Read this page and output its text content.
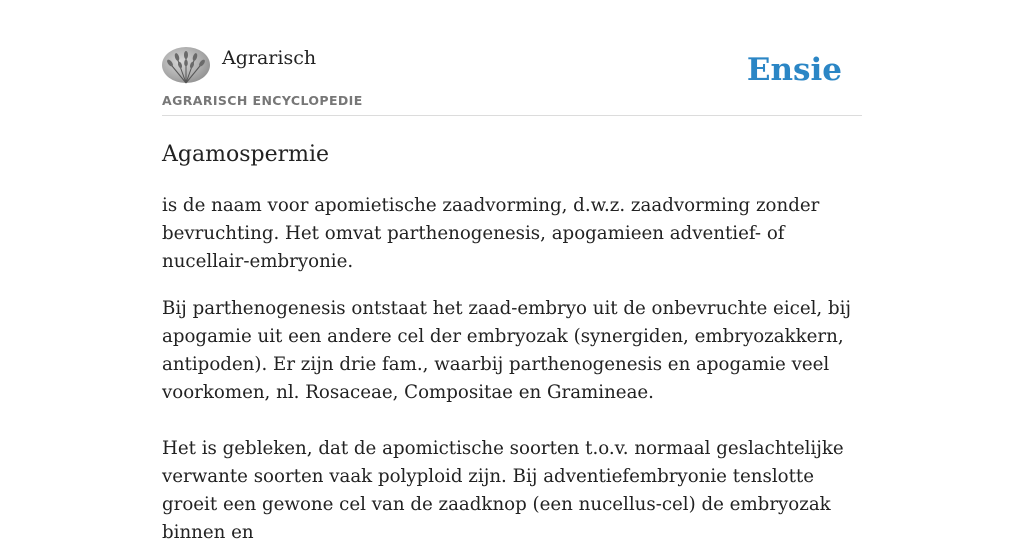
Agrarisch
AGRARISCH ENCYCLOPEDIE
Ensie
Agamospermie

is de naam voor apomietische zaadvorming, d.w.z. zaadvorming zonder bevruchting. Het omvat parthenogenesis, apogamieen adventief- of nucellair-embryonie.

Bij parthenogenesis ontstaat het zaad-embryo uit de onbevruchte eicel, bij apogamie uit een andere cel der embryozak (synergiden, embryozakkern, antipoden). Er zijn drie fam., waarbij parthenogenesis en apogamie veel voorkomen, nl. Rosaceae, Compositae en Gramineae.

Het is gebleken, dat de apomictische soorten t.o.v. normaal geslachtelijke verwante soorten vaak polyploid zijn. Bij adventiefembryonie tenslotte groeit een gewone cel van de zaadknop (een nucellus-cel) de embryozak binnen en
